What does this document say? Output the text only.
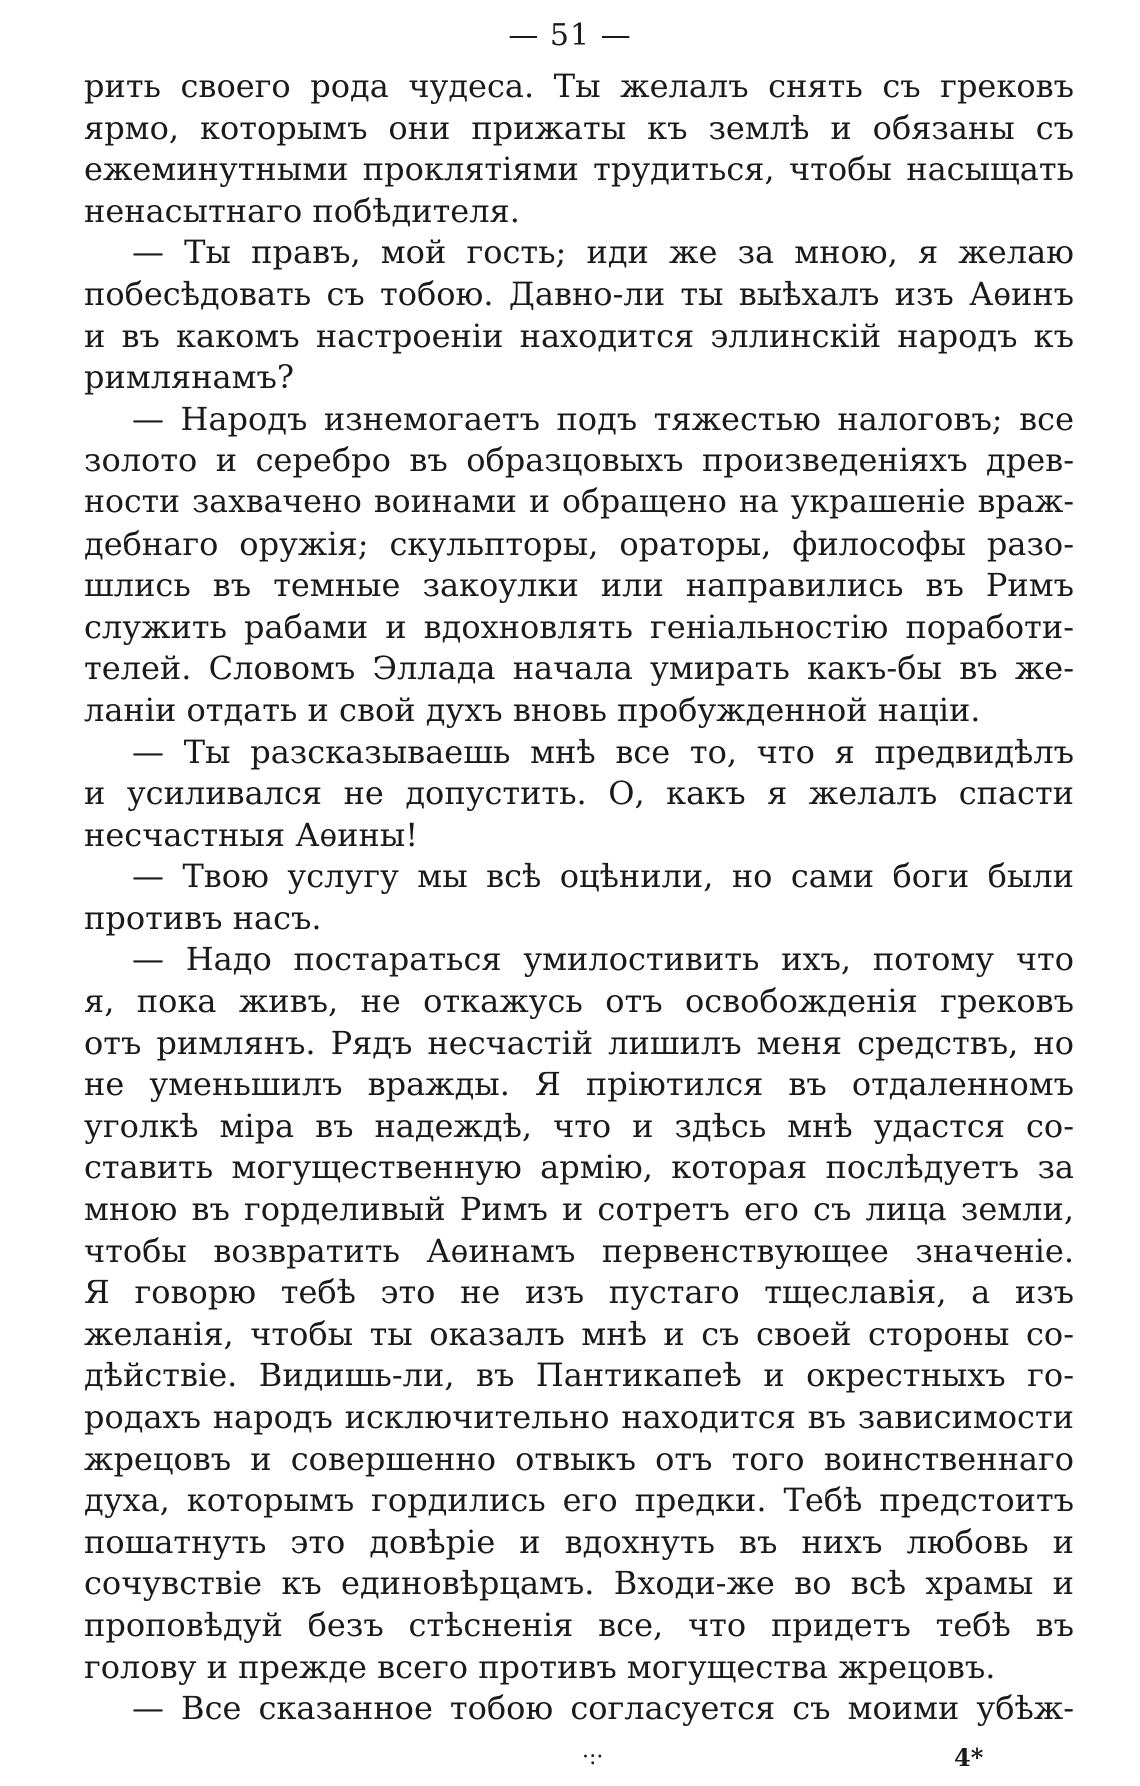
— 51 —
рить своего рода чудеса. Ты желалъ снять съ грековъ
ярмо, которымъ они прижаты къ землѣ и обязаны съ
ежеминутными проклятіями трудиться, чтобы насыщать
ненасытнаго побѣдителя.
— Ты правъ, мой гость; иди же за мною, я желаю
побесѣдовать съ тобою. Давно-ли ты выѣхалъ изъ Аѳинъ
и въ какомъ настроеніи находится эллинскій народъ къ
римлянамъ?
— Народъ изнемогаетъ подъ тяжестью налоговъ; все
золото и серебро въ образцовыхъ произведеніяхъ древ-
ности захвачено воинами и обращено на украшеніе враж-
дебнаго оружія; скульпторы, ораторы, философы разо-
шлись въ темные закоулки или направились въ Римъ
служить рабами и вдохновлять геніальностію поработи-
телей. Словомъ Эллада начала умирать какъ-бы въ же-
ланіи отдать и свой духъ вновь пробужденной націи.
— Ты разсказываешь мнѣ все то, что я предвидѣлъ
и усиливался не допустить. О, какъ я желалъ спасти
несчастныя Аѳины!
— Твою услугу мы всѣ оцѣнили, но сами боги были
противъ насъ.
— Надо постараться умилостивить ихъ, потому что
я, пока живъ, не откажусь отъ освобожденія грековъ
отъ римлянъ. Рядъ несчастій лишилъ меня средствъ, но
не уменьшилъ вражды. Я пріютился въ отдаленномъ
уголкѣ міра въ надеждѣ, что и здѣсь мнѣ удастся со-
ставить могущественную армію, которая послѣдуетъ за
мною въ горделивый Римъ и сотретъ его съ лица земли,
чтобы возвратить Аѳинамъ первенствующее значеніе.
Я говорю тебѣ это не изъ пустаго тщеславія, а изъ
желанія, чтобы ты оказалъ мнѣ и съ своей стороны со-
дѣйствіе. Видишь-ли, въ Пантикапеѣ и окрестныхъ го-
родахъ народъ исключительно находится въ зависимости
жрецовъ и совершенно отвыкъ отъ того воинственнаго
духа, которымъ гордились его предки. Тебѣ предстоитъ
пошатнуть это довѣріе и вдохнуть въ нихъ любовь и
сочувствіе къ единовѣрцамъ. Входи-же во всѣ храмы и
проповѣдуй безъ стѣсненія все, что придетъ тебѣ въ
голову и прежде всего противъ могущества жрецовъ.
— Все сказанное тобою согласуется съ моими убѣж-
·:·	4*
